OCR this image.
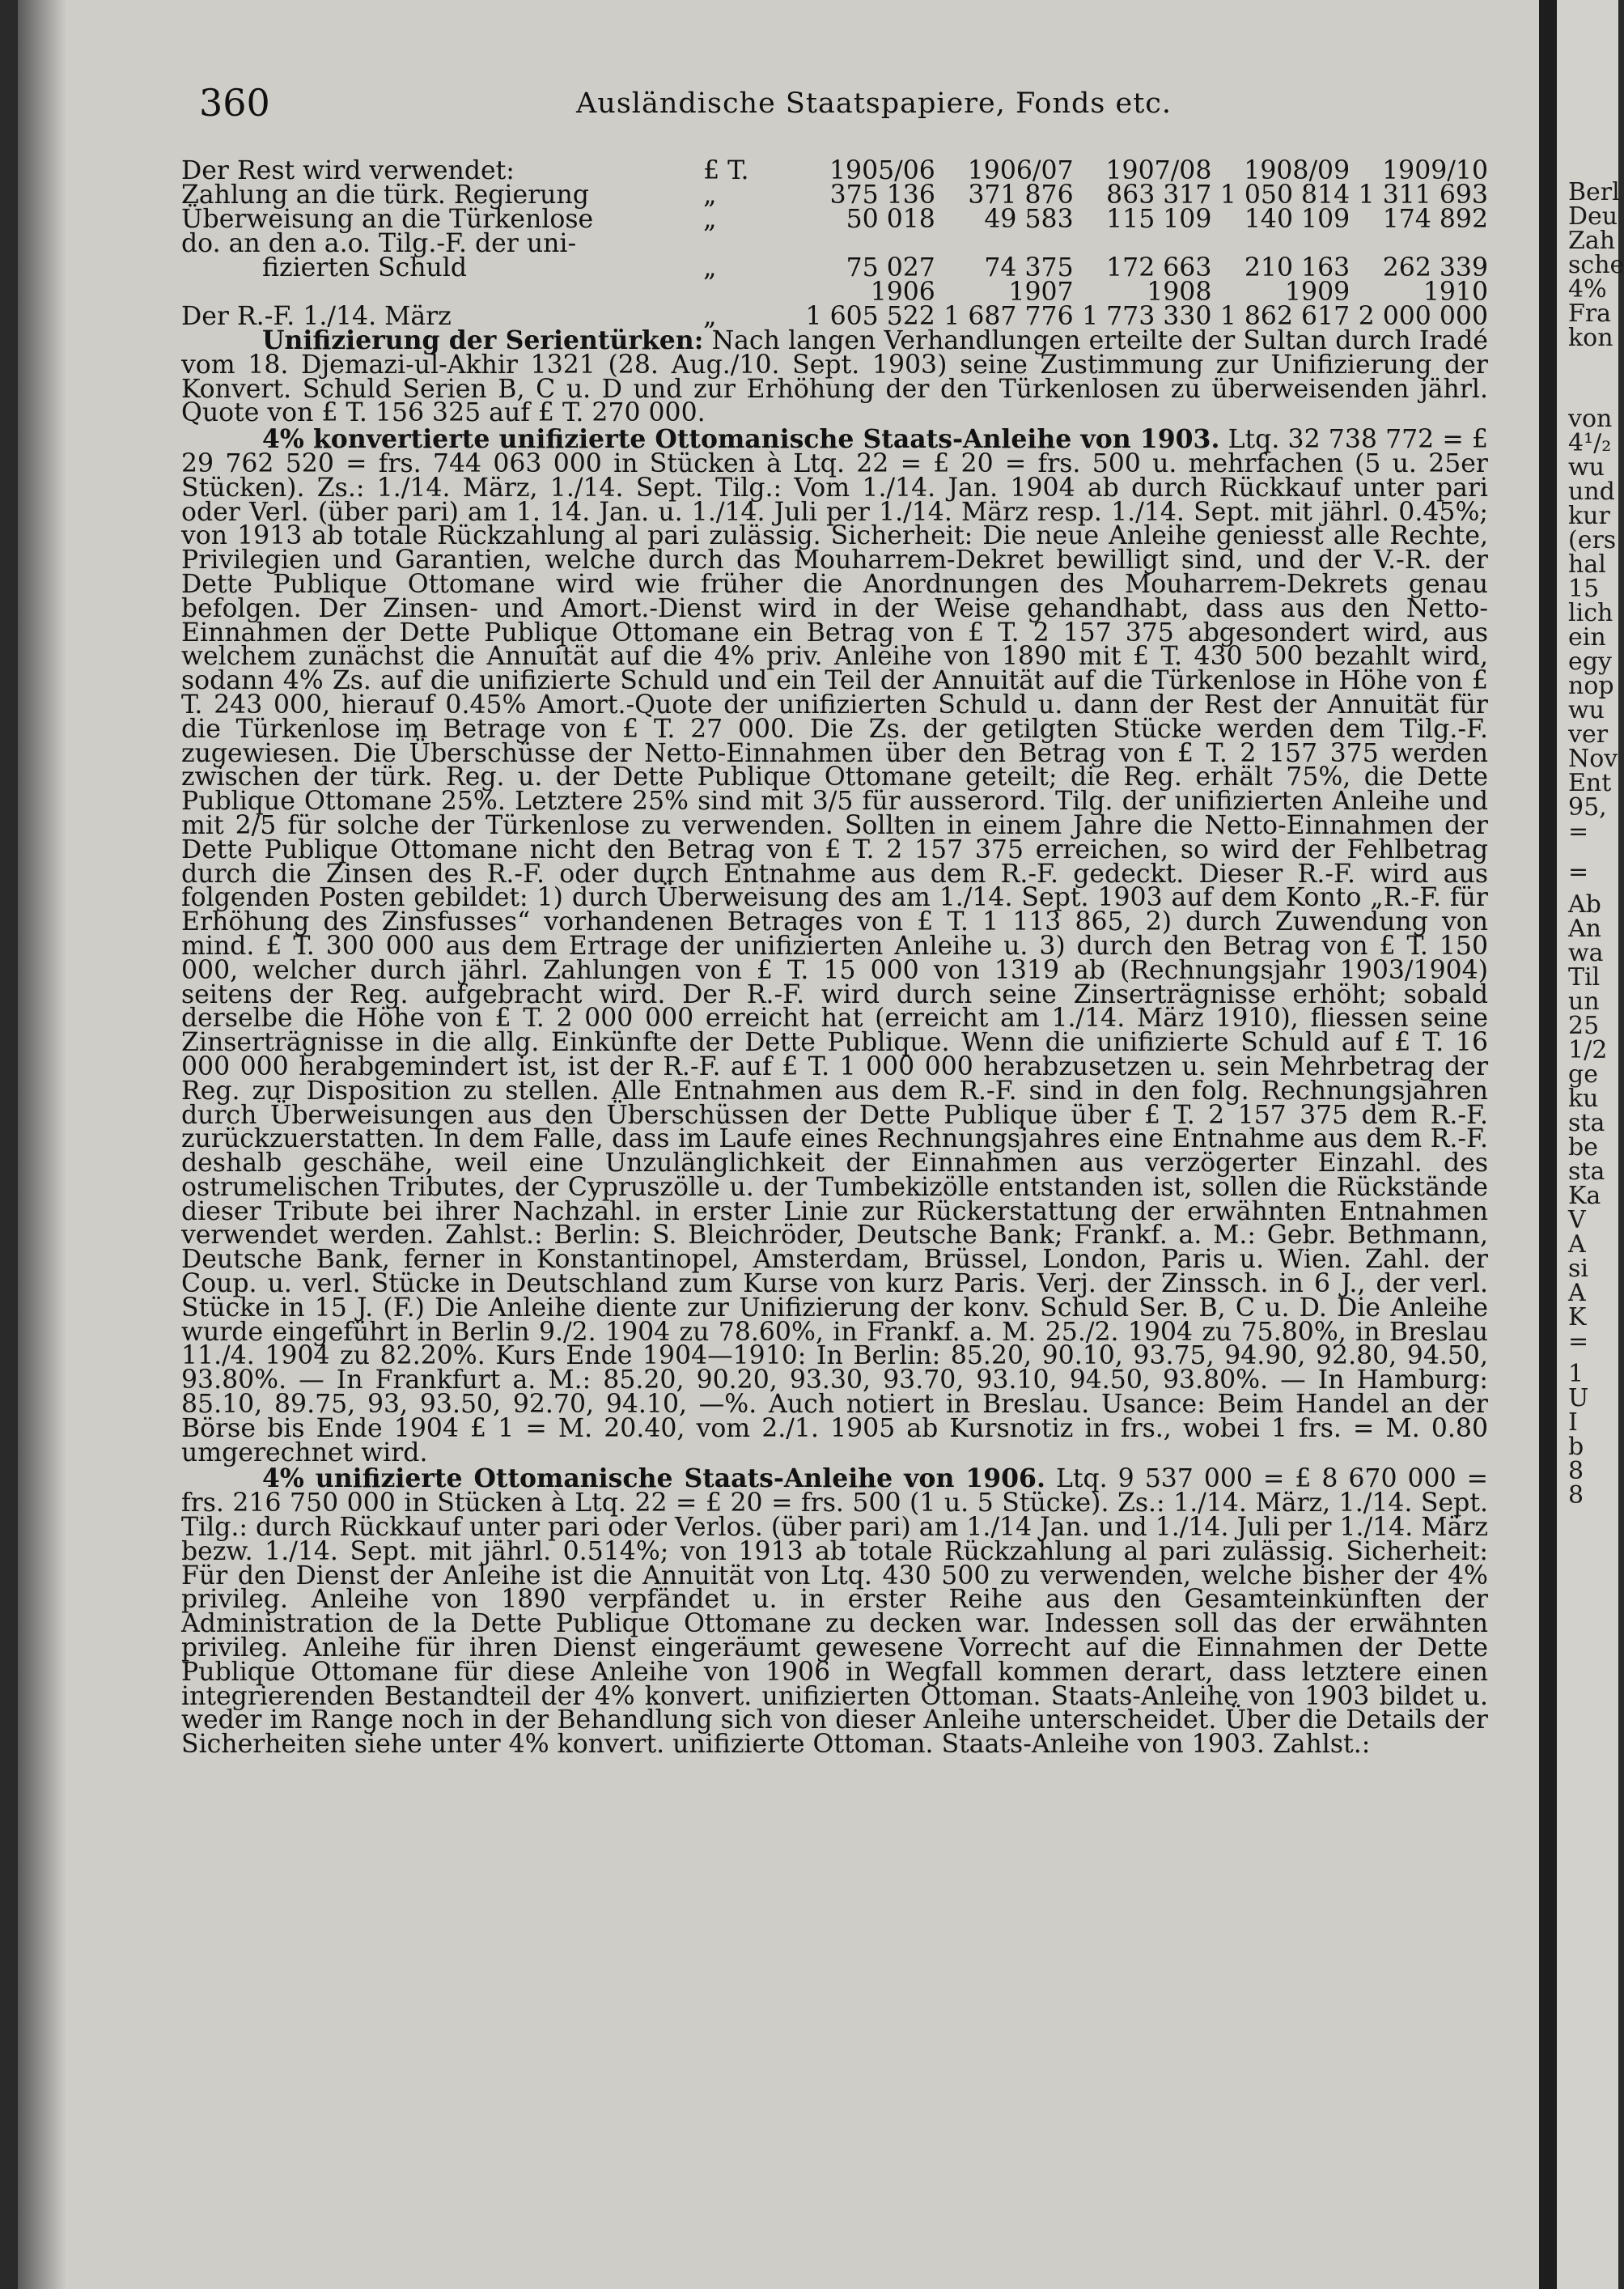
360	Ausländische Staatspapiere, Fonds etc.
Der Rest wird verwendet:	£ T.	1905/06	1906/07	1907/08	1908/09	1909/10
Zahlung an die türk. Regierung	„	375 136	371 876	863 317	1 050 814	1 311 693
Überweisung an die Türkenlose	„	50 018	49 583	115 109	140 109	174 892
do. an den a.o. Tilg.-F. der uni-						
fizierten Schuld	„	75 027	74 375	172 663	210 163	262 339
		1906	1907	1908	1909	1910
Der R.-F. 1./14. März	„	1 605 522	1 687 776	1 773 330	1 862 617	2 000 000

Unifizierung der Serientürken: Nach langen Verhandlungen erteilte der Sultan durch Iradé vom 18. Djemazi-ul-Akhir 1321 (28. Aug./10. Sept. 1903) seine Zustimmung zur Unifizierung der Konvert. Schuld Serien B, C u. D und zur Erhöhung der den Türkenlosen zu überweisenden jährl. Quote von £ T. 156 325 auf £ T. 270 000.

4% konvertierte unifizierte Ottomanische Staats-Anleihe von 1903. Ltq. 32 738 772 = £ 29 762 520 = frs. 744 063 000 in Stücken à Ltq. 22 = £ 20 = frs. 500 u. mehrfachen (5 u. 25er Stücken). Zs.: 1./14. März, 1./14. Sept. Tilg.: Vom 1./14. Jan. 1904 ab durch Rückkauf unter pari oder Verl. (über pari) am 1. 14. Jan. u. 1./14. Juli per 1./14. März resp. 1./14. Sept. mit jährl. 0.45%; von 1913 ab totale Rückzahlung al pari zulässig. Sicherheit: Die neue Anleihe geniesst alle Rechte, Privilegien und Garantien, welche durch das Mouharrem-Dekret bewilligt sind, und der V.-R. der Dette Publique Ottomane wird wie früher die Anordnungen des Mouharrem-Dekrets genau befolgen. Der Zinsen- und Amort.-Dienst wird in der Weise gehandhabt, dass aus den Netto-Einnahmen der Dette Publique Ottomane ein Betrag von £ T. 2 157 375 abgesondert wird, aus welchem zunächst die Annuität auf die 4% priv. Anleihe von 1890 mit £ T. 430 500 bezahlt wird, sodann 4% Zs. auf die unifizierte Schuld und ein Teil der Annuität auf die Türkenlose in Höhe von £ T. 243 000, hierauf 0.45% Amort.-Quote der unifizierten Schuld u. dann der Rest der Annuität für die Türkenlose im Betrage von £ T. 27 000. Die Zs. der getilgten Stücke werden dem Tilg.-F. zugewiesen. Die Überschüsse der Netto-Einnahmen über den Betrag von £ T. 2 157 375 werden zwischen der türk. Reg. u. der Dette Publique Ottomane geteilt; die Reg. erhält 75%, die Dette Publique Ottomane 25%. Letztere 25% sind mit 3/5 für ausserord. Tilg. der unifizierten Anleihe und mit 2/5 für solche der Türkenlose zu verwenden. Sollten in einem Jahre die Netto-Einnahmen der Dette Publique Ottomane nicht den Betrag von £ T. 2 157 375 erreichen, so wird der Fehlbetrag durch die Zinsen des R.-F. oder durch Entnahme aus dem R.-F. gedeckt. Dieser R.-F. wird aus folgenden Posten gebildet: 1) durch Überweisung des am 1./14. Sept. 1903 auf dem Konto „R.-F. für Erhöhung des Zinsfusses“ vorhandenen Betrages von £ T. 1 113 865, 2) durch Zuwendung von mind. £ T. 300 000 aus dem Ertrage der unifizierten Anleihe u. 3) durch den Betrag von £ T. 150 000, welcher durch jährl. Zahlungen von £ T. 15 000 von 1319 ab (Rechnungsjahr 1903/1904) seitens der Reg. aufgebracht wird. Der R.-F. wird durch seine Zinserträgnisse erhöht; sobald derselbe die Höhe von £ T. 2 000 000 erreicht hat (erreicht am 1./14. März 1910), fliessen seine Zinserträgnisse in die allg. Einkünfte der Dette Publique. Wenn die unifizierte Schuld auf £ T. 16 000 000 herabgemindert ist, ist der R.-F. auf £ T. 1 000 000 herabzusetzen u. sein Mehrbetrag der Reg. zur Disposition zu stellen. Alle Entnahmen aus dem R.-F. sind in den folg. Rechnungsjahren durch Überweisungen aus den Überschüssen der Dette Publique über £ T. 2 157 375 dem R.-F. zurückzuerstatten. In dem Falle, dass im Laufe eines Rechnungsjahres eine Entnahme aus dem R.-F. deshalb geschähe, weil eine Unzulänglichkeit der Einnahmen aus verzögerter Einzahl. des ostrumelischen Tributes, der Cypruszölle u. der Tumbekizölle entstanden ist, sollen die Rückstände dieser Tribute bei ihrer Nachzahl. in erster Linie zur Rückerstattung der erwähnten Entnahmen verwendet werden. Zahlst.: Berlin: S. Bleichröder, Deutsche Bank; Frankf. a. M.: Gebr. Bethmann, Deutsche Bank, ferner in Konstantinopel, Amsterdam, Brüssel, London, Paris u. Wien. Zahl. der Coup. u. verl. Stücke in Deutschland zum Kurse von kurz Paris. Verj. der Zinssch. in 6 J., der verl. Stücke in 15 J. (F.) Die Anleihe diente zur Unifizierung der konv. Schuld Ser. B, C u. D. Die Anleihe wurde eingeführt in Berlin 9./2. 1904 zu 78.60%, in Frankf. a. M. 25./2. 1904 zu 75.80%, in Breslau 11./4. 1904 zu 82.20%. Kurs Ende 1904—1910: In Berlin: 85.20, 90.10, 93.75, 94.90, 92.80, 94.50, 93.80%. — In Frankfurt a. M.: 85.20, 90.20, 93.30, 93.70, 93.10, 94.50, 93.80%. — In Hamburg: 85.10, 89.75, 93, 93.50, 92.70, 94.10, —%. Auch notiert in Breslau. Usance: Beim Handel an der Börse bis Ende 1904 £ 1 = M. 20.40, vom 2./1. 1905 ab Kursnotiz in frs., wobei 1 frs. = M. 0.80 umgerechnet wird.

4% unifizierte Ottomanische Staats-Anleihe von 1906. Ltq. 9 537 000 = £ 8 670 000 = frs. 216 750 000 in Stücken à Ltq. 22 = £ 20 = frs. 500 (1 u. 5 Stücke). Zs.: 1./14. März, 1./14. Sept. Tilg.: durch Rückkauf unter pari oder Verlos. (über pari) am 1./14 Jan. und 1./14. Juli per 1./14. März bezw. 1./14. Sept. mit jährl. 0.514%; von 1913 ab totale Rückzahlung al pari zulässig. Sicherheit: Für den Dienst der Anleihe ist die Annuität von Ltq. 430 500 zu verwenden, welche bisher der 4% privileg. Anleihe von 1890 verpfändet u. in erster Reihe aus den Gesamteinkünften der Administration de la Dette Publique Ottomane zu decken war. Indessen soll das der erwähnten privileg. Anleihe für ihren Dienst eingeräumt gewesene Vorrecht auf die Einnahmen der Dette Publique Ottomane für diese Anleihe von 1906 in Wegfall kommen derart, dass letztere einen integrierenden Bestandteil der 4% konvert. unifizierten Ottoman. Staats-Anleihe von 1903 bildet u. weder im Range noch in der Behandlung sich von dieser Anleihe unterscheidet. Über die Details der Sicherheiten siehe unter 4% konvert. unifizierte Ottoman. Staats-Anleihe von 1903. Zahlst.:

Berl
Deu
Zah
sche
4%
Fra
kon
von
4¹/₂
wu
und
kur
(ers
hal
15
lich
ein
egy
nop
wu
ver
Nov
Ent
95,
=
=
Ab
An
wa
Til
un
25
1/2
ge
ku
sta
be
sta
Ka
V
A
si
A
K
=
1
U
I
b
8
8
